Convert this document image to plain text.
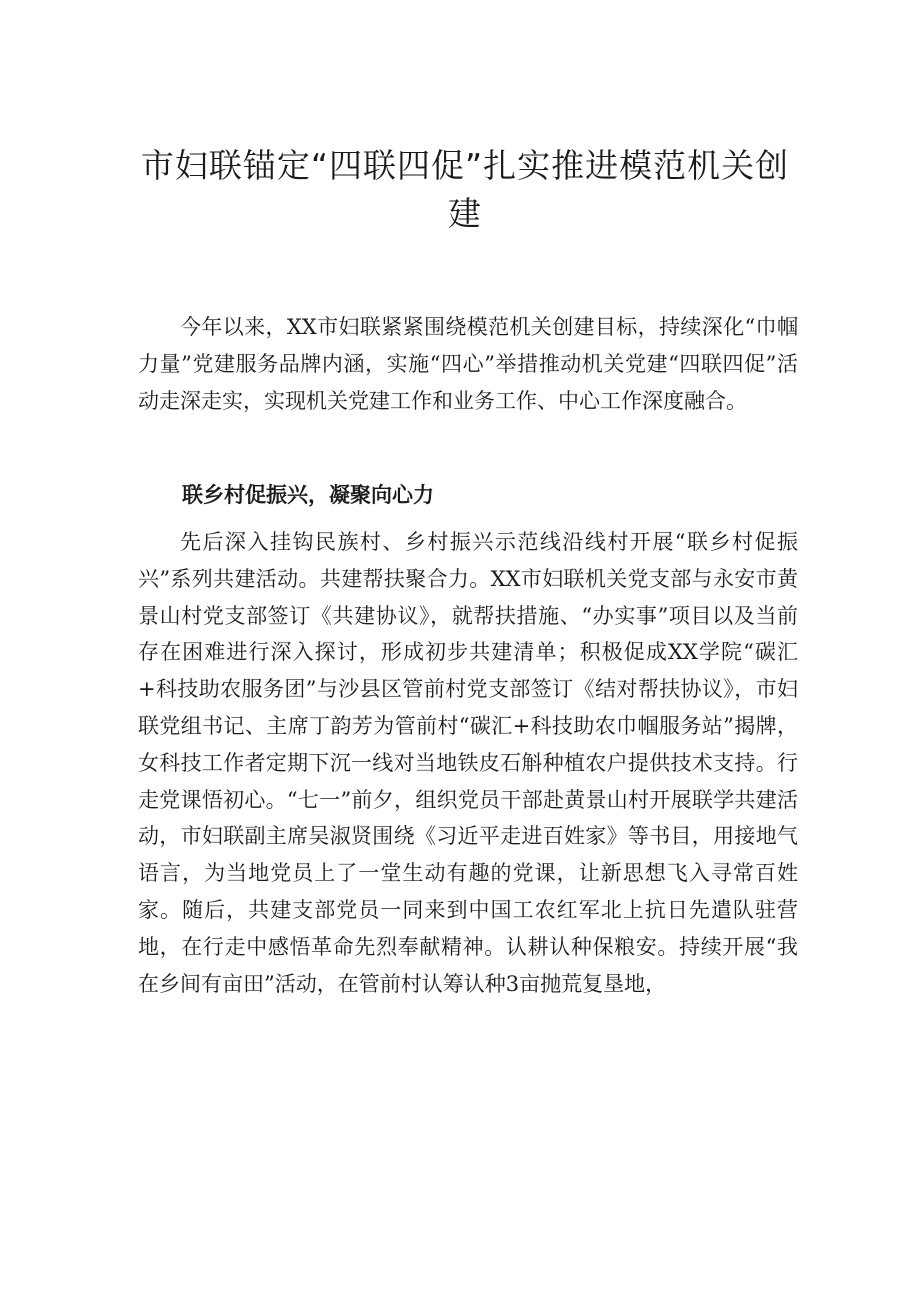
市妇联锚定“四联四促”扎实推进模范机关创
建

今年以来，XX市妇联紧紧围绕模范机关创建目标，持续深化“巾帼力量”党建服务品牌内涵，实施“四心”举措推动机关党建“四联四促”活动走深走实，实现机关党建工作和业务工作、中心工作深度融合。

联乡村促振兴，凝聚向心力

先后深入挂钩民族村、乡村振兴示范线沿线村开展“联乡村促振兴”系列共建活动。共建帮扶聚合力。XX市妇联机关党支部与永安市黄景山村党支部签订《共建协议》，就帮扶措施、“办实事”项目以及当前存在困难进行深入探讨，形成初步共建清单；积极促成XX学院“碳汇+科技助农服务团”与沙县区管前村党支部签订《结对帮扶协议》，市妇联党组书记、主席丁韵芳为管前村“碳汇+科技助农巾帼服务站”揭牌，女科技工作者定期下沉一线对当地铁皮石斛种植农户提供技术支持。行走党课悟初心。“七一”前夕，组织党员干部赴黄景山村开展联学共建活动，市妇联副主席吴淑贤围绕《习近平走进百姓家》等书目，用接地气语言，为当地党员上了一堂生动有趣的党课，让新思想飞入寻常百姓家。随后，共建支部党员一同来到中国工农红军北上抗日先遣队驻营地，在行走中感悟革命先烈奉献精神。认耕认种保粮安。持续开展“我在乡间有亩田”活动，在管前村认筹认种3亩抛荒复垦地，
